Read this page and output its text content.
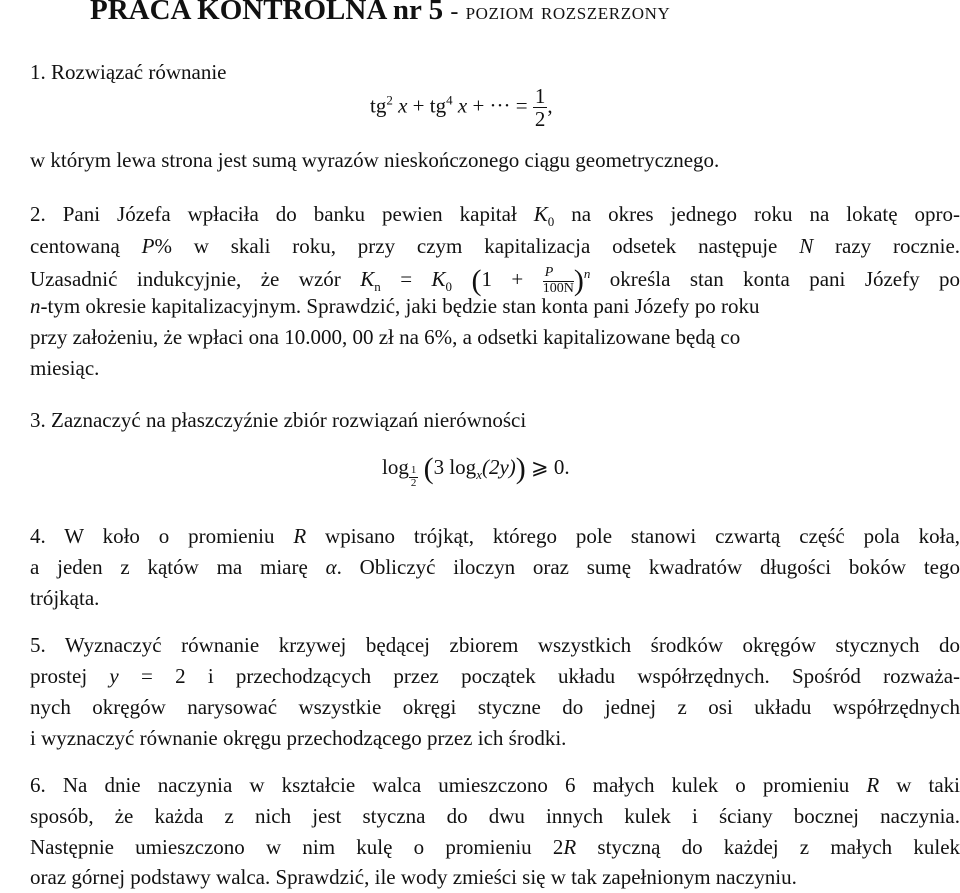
PRACA KONTROLNA nr 5 - poziom rozszerzony
1. Rozwiązać równanie
$tg^2$ $x + tg^4$ x + ··· = $\frac{1}{2}$ ,
w którym lewa strona jest sumą wyrazów nieskończonego ciągu geometrycznego.
2. Pani Józefa wpłaciła do banku pewien kapitał $K_0$ na okres jednego roku na lokatę opro-
centowaną P% w skali roku, przy czym kapitalizacja odsetek następuje N razy rocznie.
Uzasadnić indukcyjnie, że wzór $K_n = K_0$ $(1 + \frac{P}{100N} )^n$ określa stan konta pani Józefy po
n-tym okresie kapitalizacyjnym. Sprawdzić, jaki będzie stan konta pani Józefy po roku
przy założeniu, że wpłaci ona 10.000, 00 zł na 6%, a odsetki kapitalizowane będą co
miesiąc.
3. Zaznaczyć na płaszczyźnie zbiór rozwiązań nierówności
$\log \frac{1}{2} (3$ $\log_x(2y)$) ⩾ 0.
4. W koło o promieniu R wpisano trójkąt, którego pole stanowi czwartą część pola koła,
a jeden z kątów ma miarę α. Obliczyć iloczyn oraz sumę kwadratów długości boków tego
trójkąta.
5. Wyznaczyć równanie krzywej będącej zbiorem wszystkich środków okręgów stycznych do
prostej y = 2 i przechodzących przez początek układu współrzędnych. Spośród rozważa-
nych okręgów narysować wszystkie okręgi styczne do jednej z osi układu współrzędnych
i wyznaczyć równanie okręgu przechodzącego przez ich środki.
6. Na dnie naczynia w kształcie walca umieszczono 6 małych kulek o promieniu R w taki
sposób, że każda z nich jest styczna do dwu innych kulek i ściany bocznej naczynia.
Następnie umieszczono w nim kulę o promieniu 2R styczną do każdej z małych kulek
oraz górnej podstawy walca. Sprawdzić, ile wody zmieści się w tak zapełnionym naczyniu.
